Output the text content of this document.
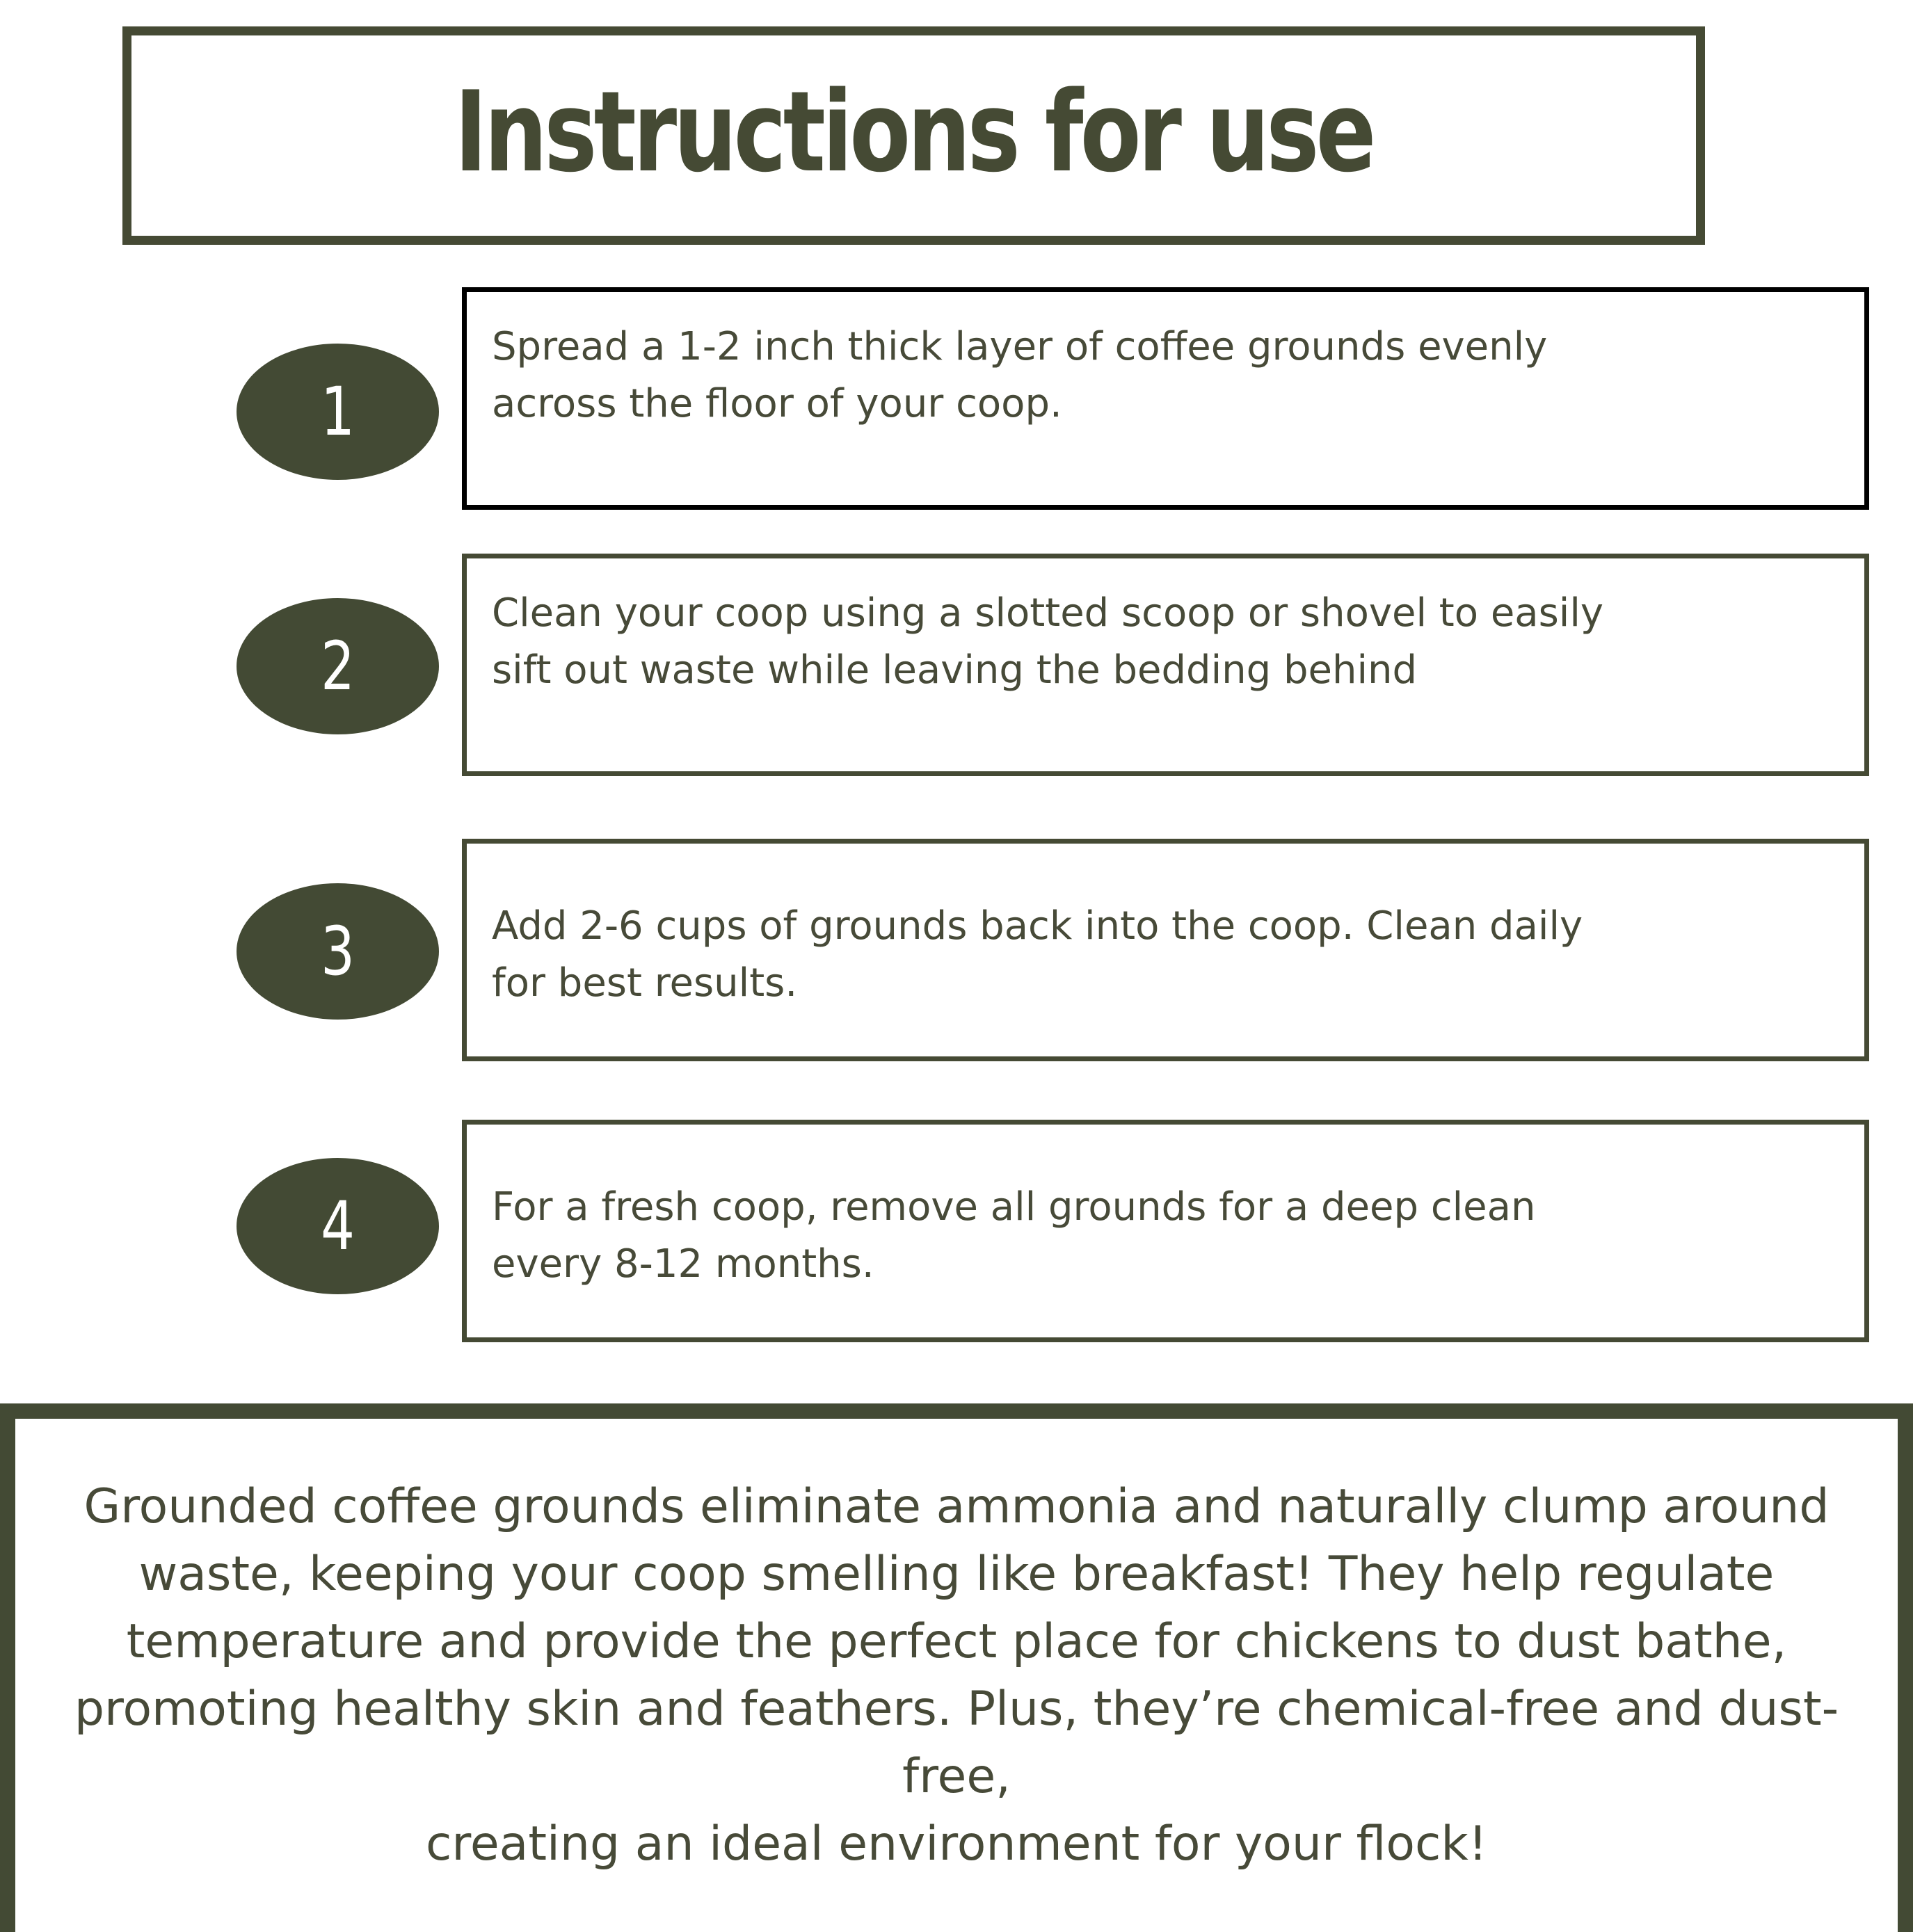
Instructions for use
1
Spread a 1-2 inch thick layer of coffee grounds evenly
across the floor of your coop.
2
Clean your coop using a slotted scoop or shovel to easily
sift out waste while leaving the bedding behind
3	Add 2-6 cups of grounds back into the coop. Clean daily
for best results.
4	For a fresh coop, remove all grounds for a deep clean
every 8-12 months.
Grounded coffee grounds eliminate ammonia and naturally clump around
waste, keeping your coop smelling like breakfast! They help regulate
temperature and provide the perfect place for chickens to dust bathe,
promoting healthy skin and feathers. Plus, they’re chemical-free and dust-free,
creating an ideal environment for your flock!
